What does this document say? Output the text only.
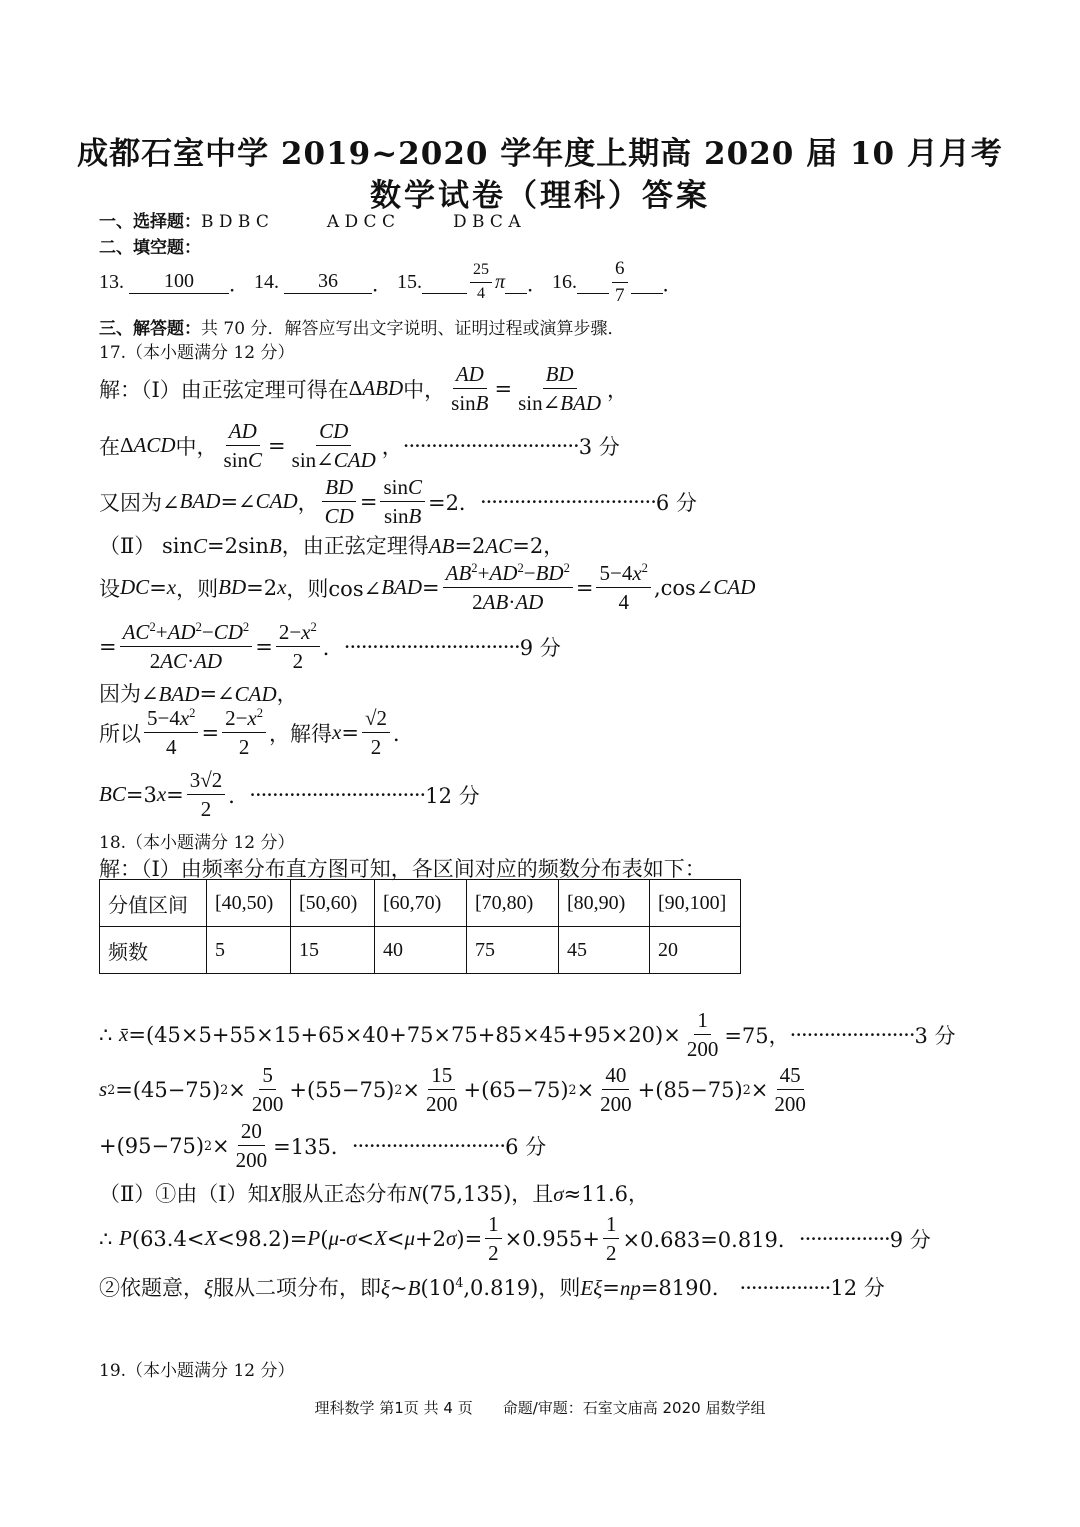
成都石室中学 2019~2020 学年度上期高 2020 届 10 月月考
数学试卷（理科）答案
一、选择题：B D B C	A D C C	D B C A
二、填空题：
13.
	100	． 14.
	36	． 15.
	$\frac{25}{4}$ π
． 16.
$\frac{6}{7}$
．
三、解答题：共 70 分．解答应写出文字说明、证明过程或演算步骤．
17.（本小题满分 12 分）
解：（Ⅰ）由正弦定理可得在 Δ ABD 中， $\frac{AD}{\sin B} = \frac{BD}{\text{sin∠BAD}}$ ，
在 Δ ACD 中， $\frac{AD}{\sin C} = \frac{CD}{\text{sin∠CAD}}$ ， ······························· 3 分
又因为∠ BAD =∠ CAD ， $\frac{BD}{CD} = \frac{\sin C}{\sin B} =2$． ······························· 6 分
（Ⅱ） sinC=2sinB，由正弦定理得AB=2AC=2，
设 DC = x ，则 BD =2 x ，则cos∠ BAD = $\frac{AB^2+AD^2-BD^2}{2AB\cdot AD} = \frac{5-4x^2}{4}$ ,cos∠ CAD
= $\frac{AC^2+AD^2-CD^2}{2AC\cdot AD} = \frac{2-x^2}{2}$ ． ······························· 9 分
因为∠BAD=∠CAD，
所以 $\frac{5-4x^2}{4} = \frac{2-x^2}{2}$ ，解得 $x = \frac{√2}{2}$ ．
BC =3 $x = \frac{3√2}{2}$ ． ······························· 12 分
18.（本小题满分 12 分）
解：（Ⅰ）由频率分布直方图可知，各区间对应的频数分布表如下：
分值区间	[40,50)	[50,60)	[60,70)	[70,80)	[80,90)	[90,100]
频数	5	15	40	75	45	20
∴ x̄ $=(45\times 5+55\times 15+65\times 40+75\times 75+85\times 45+95\times 20)\times \frac{1}{200} =75$， ······················ 3 分
s 2 =(45−75) $2 \times \frac{5}{200} +(55-75) 2 \times \frac{15}{200} +(65-75) 2 \times \frac{40}{200} +(85-75) 2 \times \frac{45}{200}$
+(95−75) $2 \times \frac{20}{200} =135$． ··························· 6 分
（Ⅱ）①由（Ⅰ）知X服从正态分布N(75,135)，且σ≈11.6，
∴ P (63.4< X <98.2)= P ( μ - σ < X < μ +2 σ )= $\frac{1}{2} \times 0.955+ \frac{1}{2} \times 0.683=0.819$． ················ 9 分
②依题意，ξ服从二项分布，即$\xi\sim B(10^4,0.819)$，则Eξ=np=8190． ················12 分
19.（本小题满分 12 分）
理科数学 第1页 共 4 页　　命题/审题：石室文庙高 2020 届数学组
